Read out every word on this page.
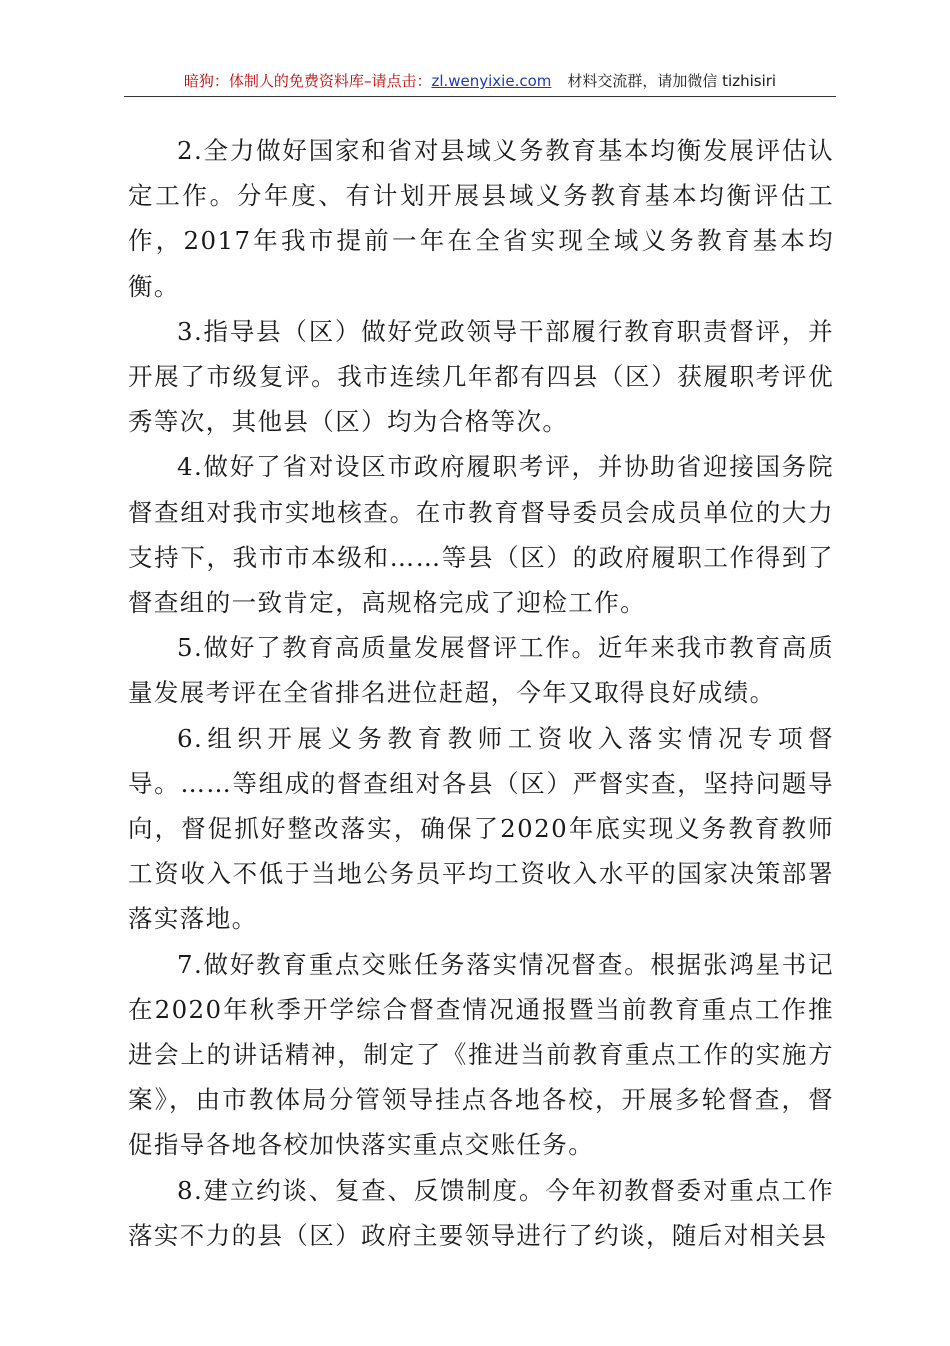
暗狗：体制人的免费资料库–请点击：zl.wenyixie.com 材料交流群，请加微信 tizhisiri

2.全力做好国家和省对县域义务教育基本均衡发展评估认定工作。分年度、有计划开展县域义务教育基本均衡评估工作，2017年我市提前一年在全省实现全域义务教育基本均衡。

3.指导县（区）做好党政领导干部履行教育职责督评，并开展了市级复评。我市连续几年都有四县（区）获履职考评优秀等次，其他县（区）均为合格等次。

4.做好了省对设区市政府履职考评，并协助省迎接国务院督查组对我市实地核查。在市教育督导委员会成员单位的大力支持下，我市市本级和……等县（区）的政府履职工作得到了督查组的一致肯定，高规格完成了迎检工作。

5.做好了教育高质量发展督评工作。近年来我市教育高质量发展考评在全省排名进位赶超，今年又取得良好成绩。

6.组织开展义务教育教师工资收入落实情况专项督导。……等组成的督查组对各县（区）严督实查，坚持问题导向，督促抓好整改落实，确保了2020年底实现义务教育教师工资收入不低于当地公务员平均工资收入水平的国家决策部署落实落地。

7.做好教育重点交账任务落实情况督查。根据张鸿星书记在2020年秋季开学综合督查情况通报暨当前教育重点工作推进会上的讲话精神，制定了《推进当前教育重点工作的实施方案》，由市教体局分管领导挂点各地各校，开展多轮督查，督促指导各地各校加快落实重点交账任务。

8.建立约谈、复查、反馈制度。今年初教督委对重点工作落实不力的县（区）政府主要领导进行了约谈，随后对相关县
